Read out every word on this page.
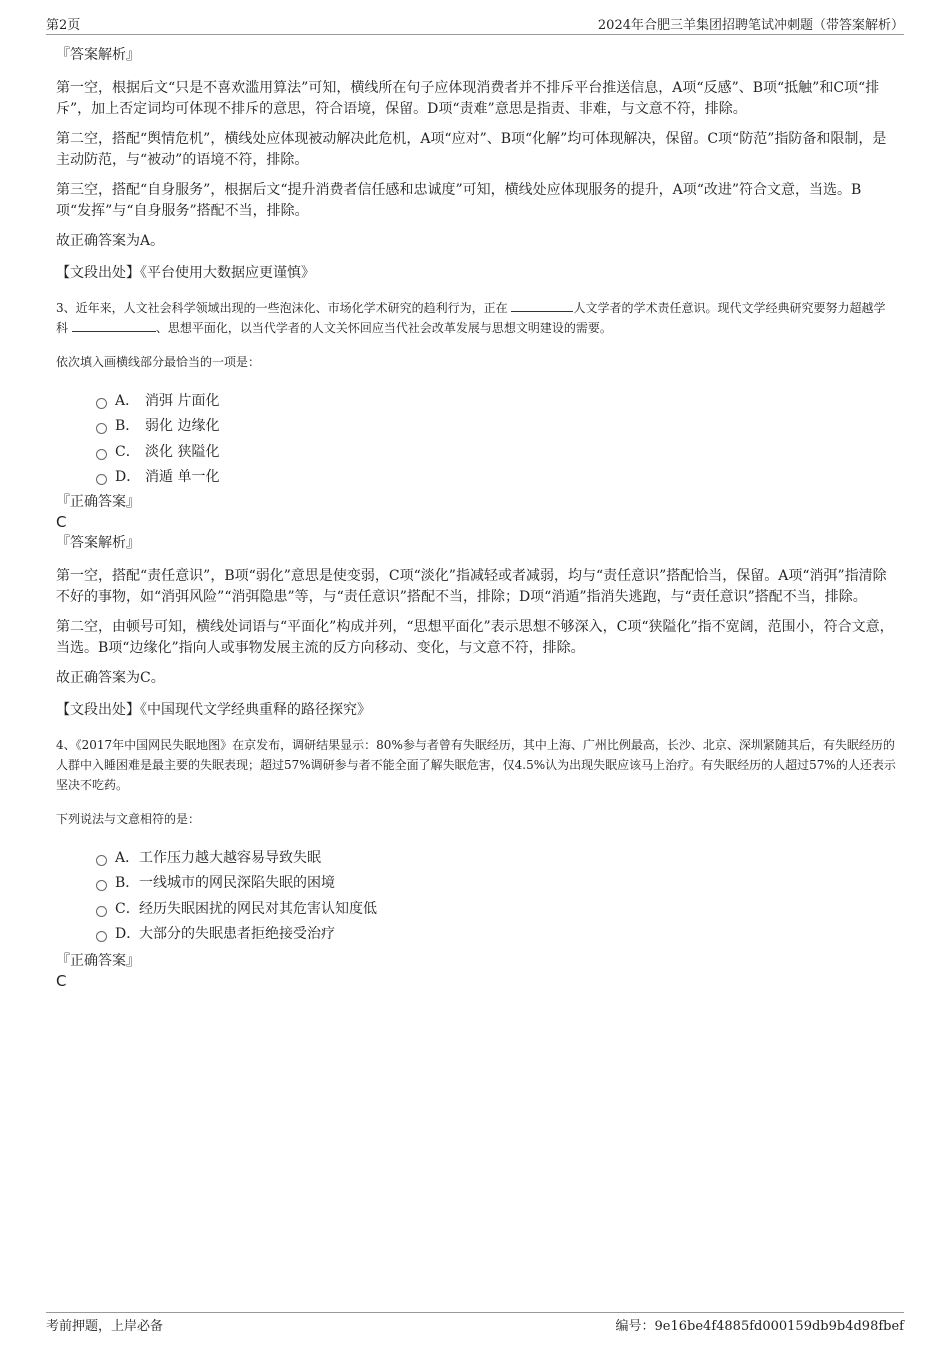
第2页	2024年合肥三羊集团招聘笔试冲刺题（带答案解析）

『答案解析』

第一空，根据后文“只是不喜欢滥用算法”可知，横线所在句子应体现消费者并不排斥平台推送信息，A项“反感”、B项“抵触”和C项“排斥”，加上否定词均可体现不排斥的意思，符合语境，保留。D项“责难”意思是指责、非难，与文意不符，排除。

第二空，搭配“舆情危机”，横线处应体现被动解决此危机，A项“应对”、B项“化解”均可体现解决，保留。C项“防范”指防备和限制，是主动防范，与“被动”的语境不符，排除。

第三空，搭配“自身服务”，根据后文“提升消费者信任感和忠诚度”可知，横线处应体现服务的提升，A项“改进”符合文意，当选。B项“发挥”与“自身服务”搭配不当，排除。

故正确答案为A。

【文段出处】《平台使用大数据应更谨慎》

3、近年来，人文社会科学领域出现的一些泡沫化、市场化学术研究的趋利行为，正在	人文学者的学术责任意识。现代文学经典研究要努力超越学科	、思想平面化，以当代学者的人文关怀回应当代社会改革发展与思想文明建设的需要。

依次填入画横线部分最恰当的一项是：

A． 消弭 片面化
B． 弱化 边缘化
C． 淡化 狭隘化
D． 消遁 单一化

『正确答案』

C

『答案解析』

第一空，搭配“责任意识”，B项“弱化”意思是使变弱，C项“淡化”指减轻或者减弱，均与“责任意识”搭配恰当，保留。A项“消弭”指清除不好的事物，如“消弭风险”“消弭隐患”等，与“责任意识”搭配不当，排除；D项“消遁”指消失逃跑，与“责任意识”搭配不当，排除。

第二空，由顿号可知，横线处词语与“平面化”构成并列，“思想平面化”表示思想不够深入，C项“狭隘化”指不宽阔，范围小，符合文意，当选。B项“边缘化”指向人或事物发展主流的反方向移动、变化，与文意不符，排除。

故正确答案为C。

【文段出处】《中国现代文学经典重释的路径探究》

4、《2017年中国网民失眠地图》在京发布，调研结果显示：80%参与者曾有失眠经历，其中上海、广州比例最高，长沙、北京、深圳紧随其后，有失眠经历的人群中入睡困难是最主要的失眠表现；超过57%调研参与者不能全面了解失眠危害，仅4.5%认为出现失眠应该马上治疗。有失眠经历的人超过57%的人还表示坚决不吃药。

下列说法与文意相符的是：

A． 工作压力越大越容易导致失眠
B． 一线城市的网民深陷失眠的困境
C． 经历失眠困扰的网民对其危害认知度低
D．
大部分的失眠患者拒绝接受治疗

『正确答案』

C

考前押题，上岸必备	编号：9e16be4f4885fd000159db9b4d98fbef
